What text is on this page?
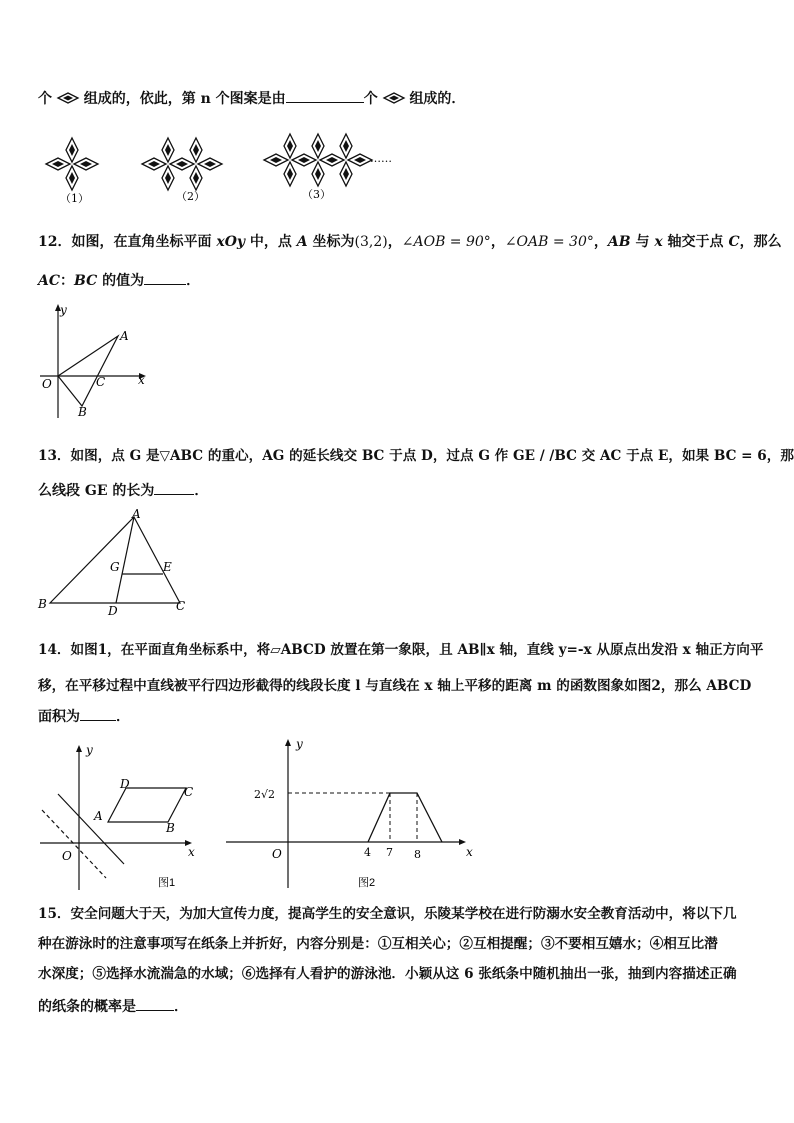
个 组成的，依此，第 n 个图案是由	个 组成的．
……
（1）	（2）	（3）
12．如图，在直角坐标平面 xOy 中，点 A 坐标为(3,2)，∠AOB = 90°，∠OAB = 30°，AB 与 x 轴交于点 C，那么
AC：BC 的值为	．
y
x
O
A
B
C
13．如图，点 G 是▽ABC 的重心，AG 的延长线交 BC 于点 D，过点 G 作 GE / /BC 交 AC 于点 E，如果 BC = 6，那
么线段 GE 的长为	．
A
B	C
D
G	E
14．如图1，在平面直角坐标系中，将▱ABCD 放置在第一象限，且 AB∥x 轴，直线 y=-x 从原点出发沿 x 轴正方向平
移，在平移过程中直线被平行四边形截得的线段长度 l 与直线在 x 轴上平移的距离 m 的函数图象如图2，那么 ABCD
面积为	．
y
x
O
A
B
C
D
图1
y
x
O
2√2
4 7 8
图2
15．安全问题大于天，为加大宣传力度，提高学生的安全意识，乐陵某学校在进行防溺水安全教育活动中，将以下几
种在游泳时的注意事项写在纸条上并折好，内容分别是：①互相关心；②互相提醒；③不要相互嬉水；④相互比潜
水深度；⑤选择水流湍急的水域；⑥选择有人看护的游泳池．小颖从这 6 张纸条中随机抽出一张，抽到内容描述正确
的纸条的概率是	．
